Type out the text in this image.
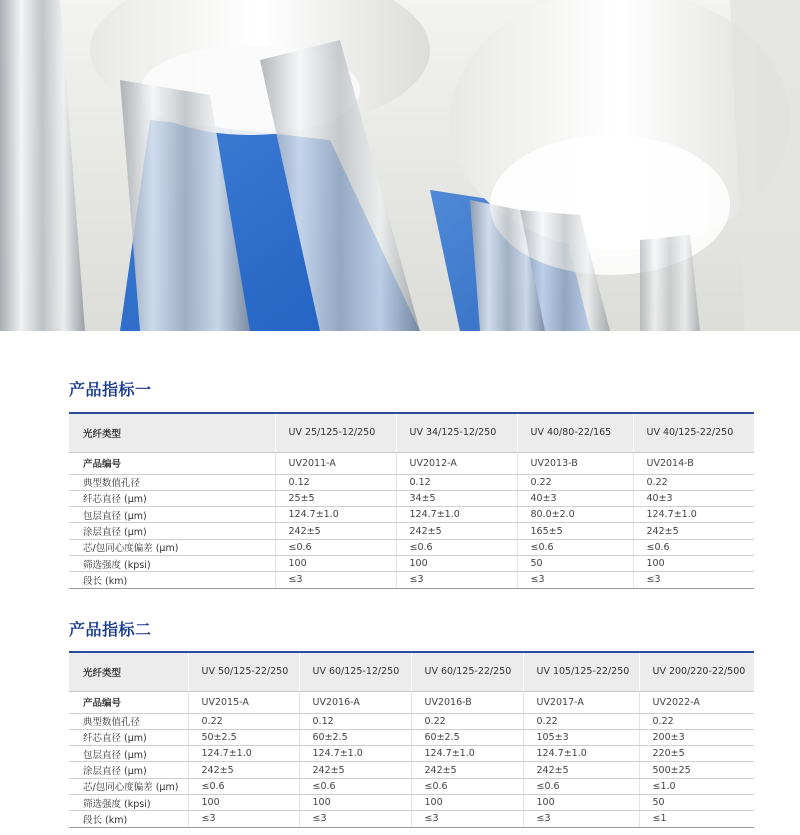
产品指标一
光纤类型	UV 25/125-12/250	UV 34/125-12/250	UV 40/80-22/165	UV 40/125-22/250
产品编号	UV2011-A	UV2012-A	UV2013-B	UV2014-B
典型数值孔径	0.12	0.12	0.22	0.22
纤芯直径 (μm)	25±5	34±5	40±3	40±3
包层直径 (μm)	124.7±1.0	124.7±1.0	80.0±2.0	124.7±1.0
涂层直径 (μm)	242±5	242±5	165±5	242±5
芯/包同心度偏差 (μm)	≤0.6	≤0.6	≤0.6	≤0.6
筛选强度 (kpsi)	100	100	50	100
段长 (km)	≤3	≤3	≤3	≤3
产品指标二
光纤类型	UV 50/125-22/250	UV 60/125-12/250	UV 60/125-22/250	UV 105/125-22/250	UV 200/220-22/500
产品编号	UV2015-A	UV2016-A	UV2016-B	UV2017-A	UV2022-A
典型数值孔径	0.22	0.12	0.22	0.22	0.22
纤芯直径 (μm)	50±2.5	60±2.5	60±2.5	105±3	200±3
包层直径 (μm)	124.7±1.0	124.7±1.0	124.7±1.0	124.7±1.0	220±5
涂层直径 (μm)	242±5	242±5	242±5	242±5	500±25
芯/包同心度偏差 (μm)	≤0.6	≤0.6	≤0.6	≤0.6	≤1.0
筛选强度 (kpsi)	100	100	100	100	50
段长 (km)	≤3	≤3	≤3	≤3	≤1
